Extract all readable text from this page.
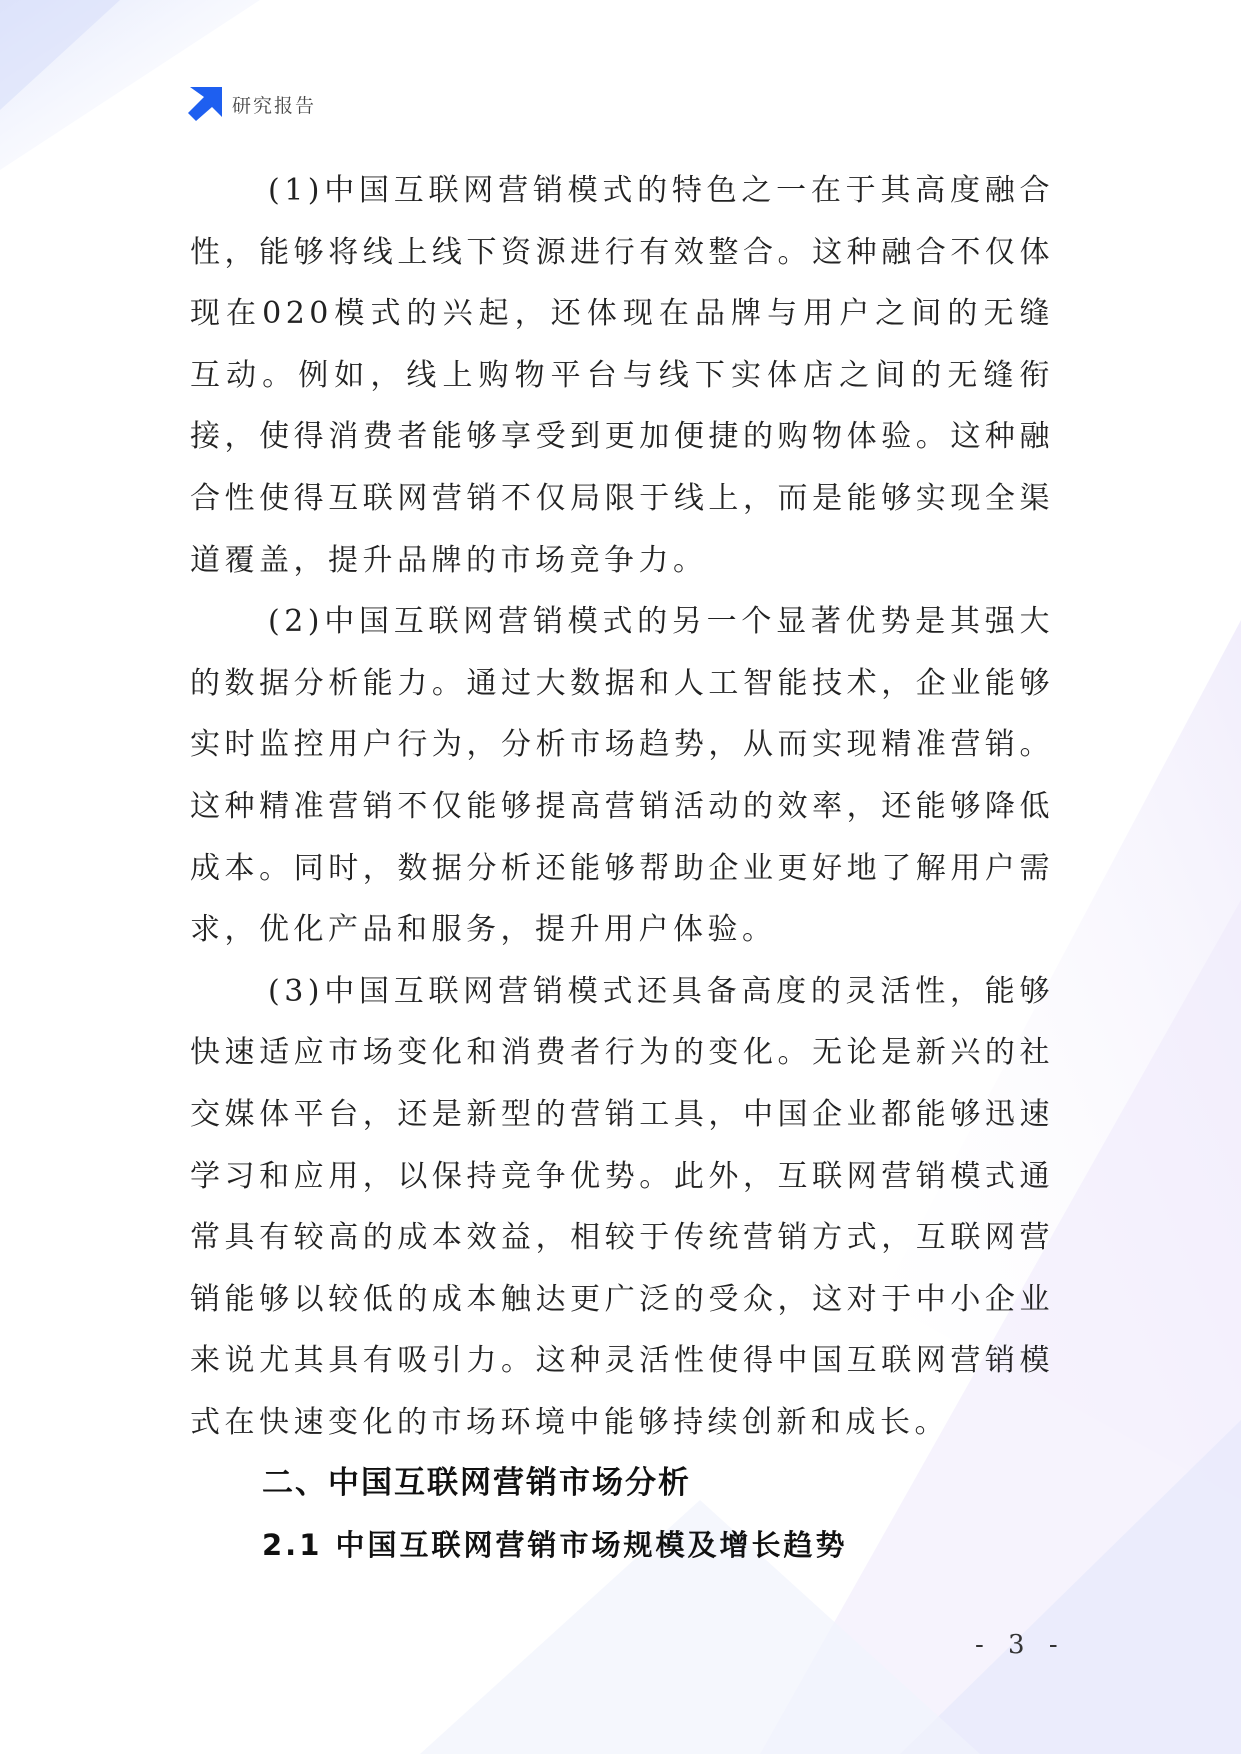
研究报告

(1)中国互联网营销模式的特色之一在于其高度融合性，能够将线上线下资源进行有效整合。这种融合不仅体现在020模式的兴起，还体现在品牌与用户之间的无缝互动。例如，线上购物平台与线下实体店之间的无缝衔接，使得消费者能够享受到更加便捷的购物体验。这种融合性使得互联网营销不仅局限于线上，而是能够实现全渠道覆盖，提升品牌的市场竞争力。

(2)中国互联网营销模式的另一个显著优势是其强大的数据分析能力。通过大数据和人工智能技术，企业能够实时监控用户行为，分析市场趋势，从而实现精准营销。这种精准营销不仅能够提高营销活动的效率，还能够降低成本。同时，数据分析还能够帮助企业更好地了解用户需求，优化产品和服务，提升用户体验。

(3)中国互联网营销模式还具备高度的灵活性，能够快速适应市场变化和消费者行为的变化。无论是新兴的社交媒体平台，还是新型的营销工具，中国企业都能够迅速学习和应用，以保持竞争优势。此外，互联网营销模式通常具有较高的成本效益，相较于传统营销方式，互联网营销能够以较低的成本触达更广泛的受众，这对于中小企业来说尤其具有吸引力。这种灵活性使得中国互联网营销模式在快速变化的市场环境中能够持续创新和成长。

二、中国互联网营销市场分析
2.1 中国互联网营销市场规模及增长趋势
- 3 -
